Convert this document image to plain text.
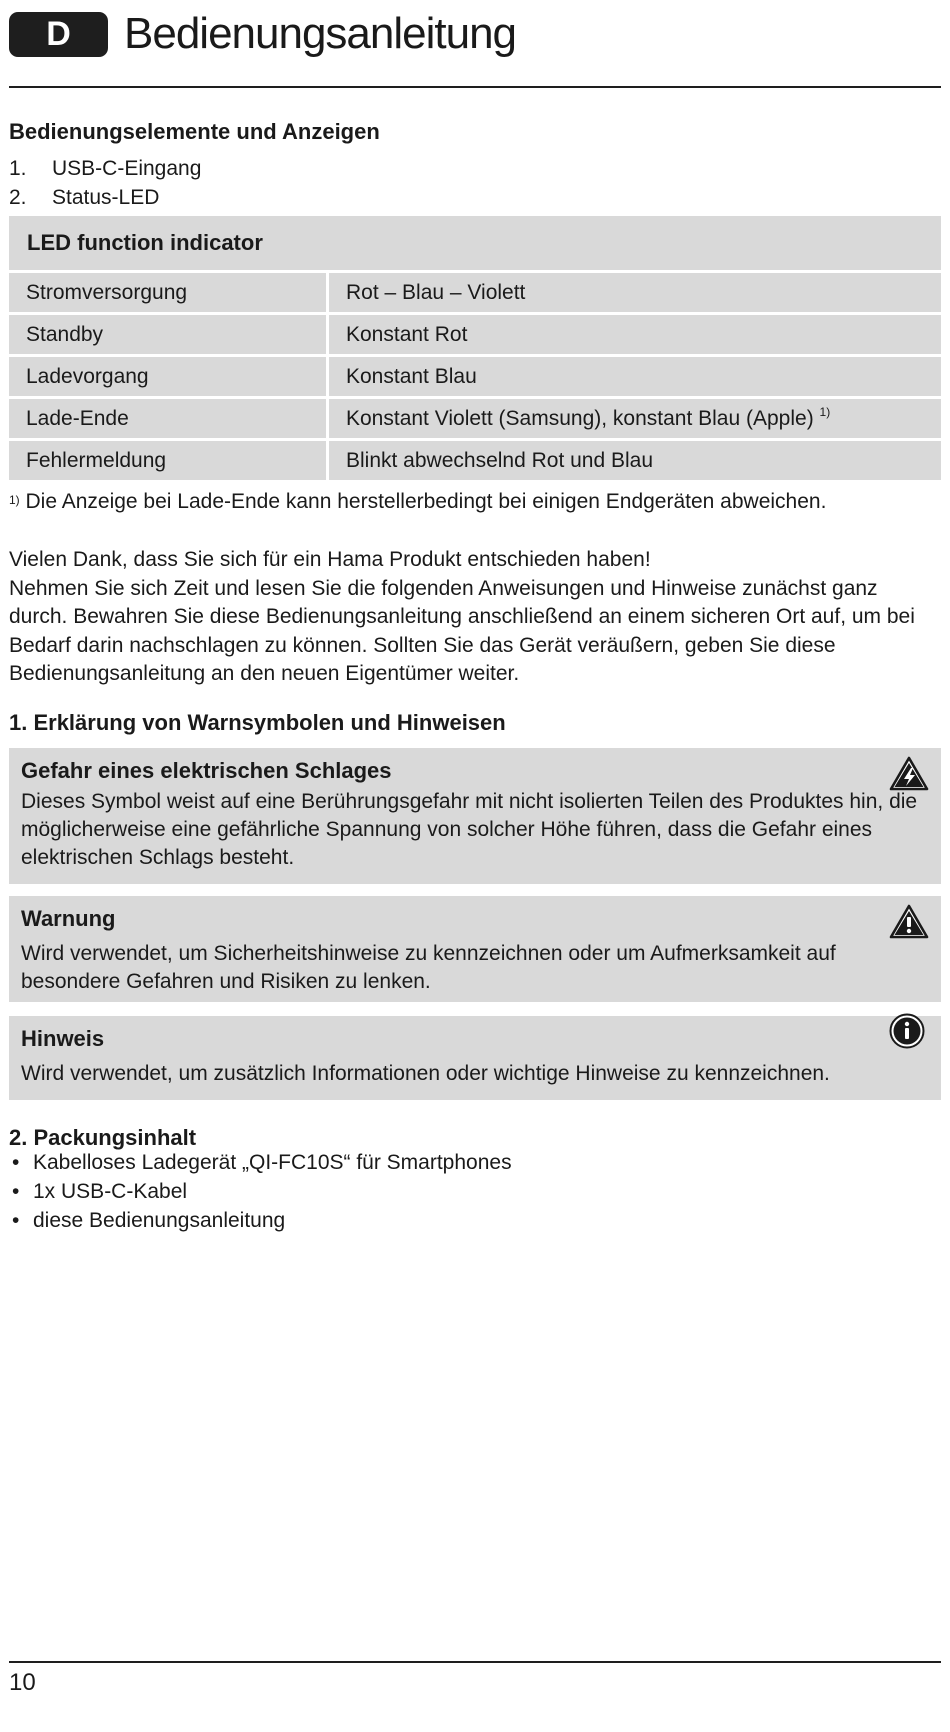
D	Bedienungsanleitung
Bedienungselemente und Anzeigen
1.	USB-C-Eingang
2.	Status-LED
LED function indicator	
Stromversorgung	Rot – Blau – Violett
Standby	Konstant Rot
Ladevorgang	Konstant Blau
Lade-Ende	Konstant Violett (Samsung), konstant Blau (Apple) $^{1)}$
Fehlermeldung	Blinkt abwechselnd Rot und Blau
$^{1)}$ Die Anzeige bei Lade-Ende kann herstellerbedingt bei einigen Endgeräten abweichen.

Vielen Dank, dass Sie sich für ein Hama Produkt entschieden haben!

Nehmen Sie sich Zeit und lesen Sie die folgenden Anweisungen und Hinweise zunächst ganz durch. Bewahren Sie diese Bedienungsanleitung anschließend an einem sicheren Ort auf, um bei Bedarf darin nachschlagen zu können. Sollten Sie das Gerät veräußern, geben Sie diese Bedienungsanleitung an den neuen Eigentümer weiter.

1. Erklärung von Warnsymbolen und Hinweisen
Gefahr eines elektrischen Schlages
Dieses Symbol weist auf eine Berührungsgefahr mit nicht isolierten Teilen des Produktes hin, die möglicherweise eine gefährliche Spannung von solcher Höhe führen, dass die Gefahr eines elektrischen Schlags besteht.
Warnung
Wird verwendet, um Sicherheitshinweise zu kennzeichnen oder um Aufmerksamkeit auf besondere Gefahren und Risiken zu lenken.
Hinweis
Wird verwendet, um zusätzlich Informationen oder wichtige Hinweise zu kennzeichnen.
2. Packungsinhalt
• Kabelloses Ladegerät „QI-FC10S“ für Smartphones
• 1x USB-C-Kabel
• diese Bedienungsanleitung
10
